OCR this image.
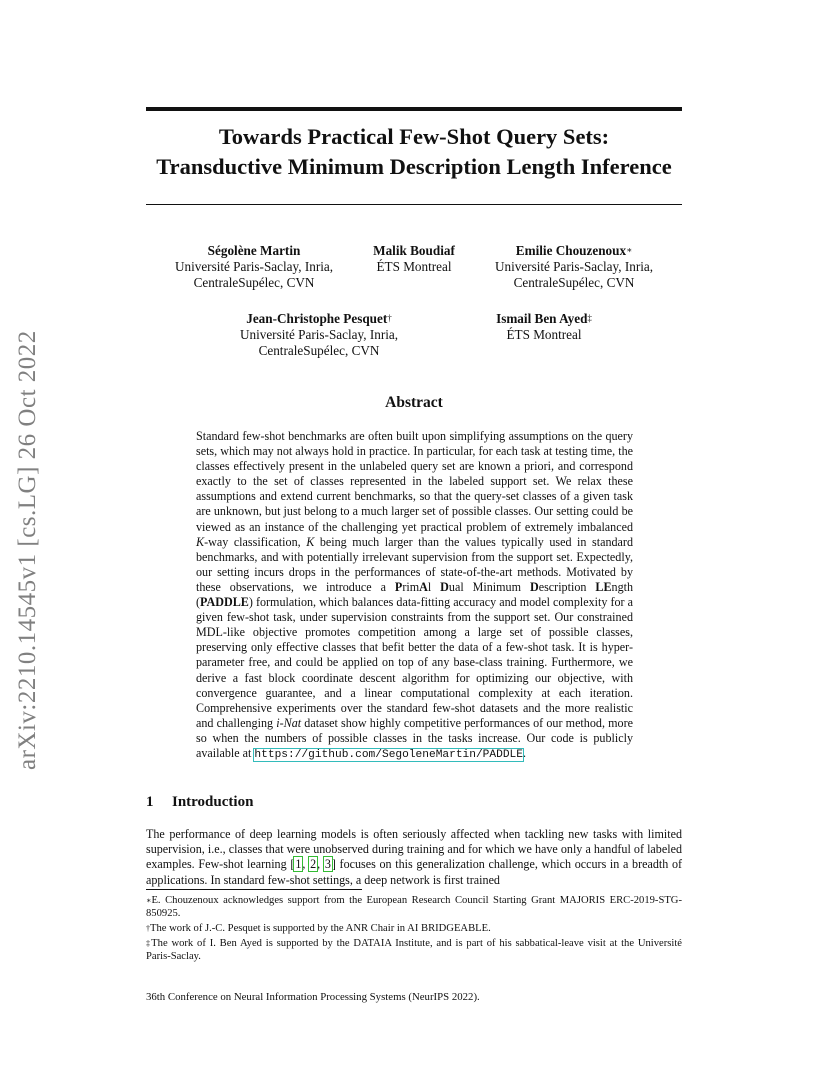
arXiv:2210.14545v1 [cs.LG] 26 Oct 2022
Towards Practical Few-Shot Query Sets:
Transductive Minimum Description Length Inference
Ségolène Martin
Université Paris-Saclay, Inria,
CentraleSupélec, CVN
Malik Boudiaf
ÉTS Montreal
Emilie Chouzenoux∗
Université Paris-Saclay, Inria,
CentraleSupélec, CVN
Jean-Christophe Pesquet†
Université Paris-Saclay, Inria,
CentraleSupélec, CVN
Ismail Ben Ayed‡
ÉTS Montreal
Abstract

Standard few-shot benchmarks are often built upon simplifying assumptions on the query sets, which may not always hold in practice. In particular, for each task at testing time, the classes effectively present in the unlabeled query set are known a priori, and correspond exactly to the set of classes represented in the labeled support set. We relax these assumptions and extend current benchmarks, so that the query-set classes of a given task are unknown, but just belong to a much larger set of possible classes. Our setting could be viewed as an instance of the challenging yet practical problem of extremely imbalanced K-way classification, K being much larger than the values typically used in standard benchmarks, and with potentially irrelevant supervision from the support set. Expectedly, our setting incurs drops in the performances of state-of-the-art methods. Motivated by these observations, we introduce a PrimAl Dual Minimum Description LEngth (PADDLE) formulation, which balances data-fitting accuracy and model complexity for a given few-shot task, under supervision constraints from the support set. Our constrained MDL-like objective promotes competition among a large set of possible classes, preserving only effective classes that befit better the data of a few-shot task. It is hyper-parameter free, and could be applied on top of any base-class training. Furthermore, we derive a fast block coordinate descent algorithm for optimizing our objective, with convergence guarantee, and a linear computational complexity at each iteration. Comprehensive experiments over the standard few-shot datasets and the more realistic and challenging i-Nat dataset show highly competitive performances of our method, more so when the numbers of possible classes in the tasks increase. Our code is publicly available at https://github.com/SegoleneMartin/PADDLE.

1 Introduction

The performance of deep learning models is often seriously affected when tackling new tasks with limited supervision, i.e., classes that were unobserved during training and for which we have only a handful of labeled examples. Few-shot learning [1, 2, 3] focuses on this generalization challenge, which occurs in a breadth of applications. In standard few-shot settings, a deep network is first trained

∗E. Chouzenoux acknowledges support from the European Research Council Starting Grant MAJORIS ERC-2019-STG-850925.

†The work of J.-C. Pesquet is supported by the ANR Chair in AI BRIDGEABLE.

‡The work of I. Ben Ayed is supported by the DATAIA Institute, and is part of his sabbatical-leave visit at the Université Paris-Saclay.

36th Conference on Neural Information Processing Systems (NeurIPS 2022).
